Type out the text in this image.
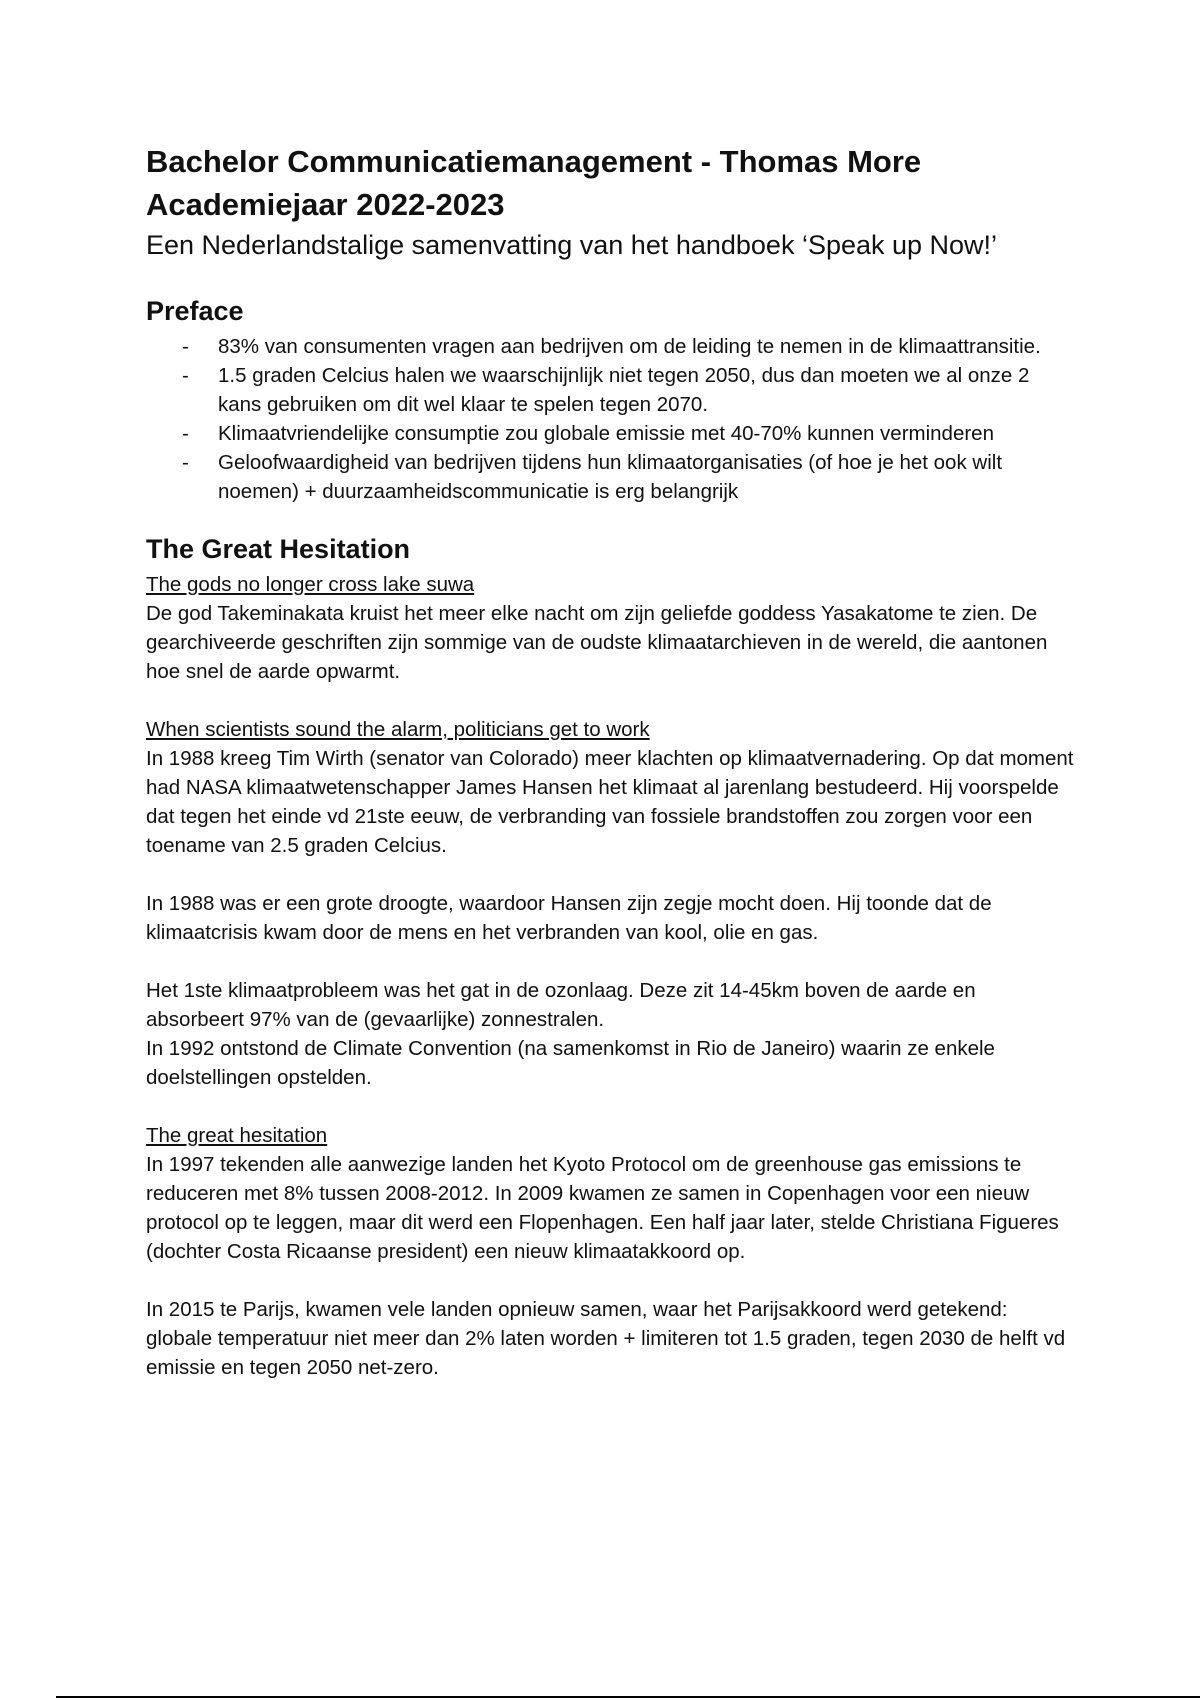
Bachelor Communicatiemanagement - Thomas More
Academiejaar 2022-2023

Een Nederlandstalige samenvatting van het handboek ‘Speak up Now!’

Preface
- 83% van consumenten vragen aan bedrijven om de leiding te nemen in de klimaattransitie.
- 1.5 graden Celcius halen we waarschijnlijk niet tegen 2050, dus dan moeten we al onze 2 kans gebruiken om dit wel klaar te spelen tegen 2070.
- Klimaatvriendelijke consumptie zou globale emissie met 40-70% kunnen verminderen
- Geloofwaardigheid van bedrijven tijdens hun klimaatorganisaties (of hoe je het ook wilt noemen) + duurzaamheidscommunicatie is erg belangrijk
The Great Hesitation

The gods no longer cross lake suwa

De god Takeminakata kruist het meer elke nacht om zijn geliefde goddess Yasakatome te zien. De gearchiveerde geschriften zijn sommige van de oudste klimaatarchieven in de wereld, die aantonen hoe snel de aarde opwarmt.

When scientists sound the alarm, politicians get to work

In 1988 kreeg Tim Wirth (senator van Colorado) meer klachten op klimaatvernadering. Op dat moment had NASA klimaatwetenschapper James Hansen het klimaat al jarenlang bestudeerd. Hij voorspelde dat tegen het einde vd 21ste eeuw, de verbranding van fossiele brandstoffen zou zorgen voor een toename van 2.5 graden Celcius.

In 1988 was er een grote droogte, waardoor Hansen zijn zegje mocht doen. Hij toonde dat de klimaatcrisis kwam door de mens en het verbranden van kool, olie en gas.

Het 1ste klimaatprobleem was het gat in de ozonlaag. Deze zit 14-45km boven de aarde en absorbeert 97% van de (gevaarlijke) zonnestralen.

In 1992 ontstond de Climate Convention (na samenkomst in Rio de Janeiro) waarin ze enkele doelstellingen opstelden.

The great hesitation

In 1997 tekenden alle aanwezige landen het Kyoto Protocol om de greenhouse gas emissions te reduceren met 8% tussen 2008-2012. In 2009 kwamen ze samen in Copenhagen voor een nieuw protocol op te leggen, maar dit werd een Flopenhagen. Een half jaar later, stelde Christiana Figueres (dochter Costa Ricaanse president) een nieuw klimaatakkoord op.

In 2015 te Parijs, kwamen vele landen opnieuw samen, waar het Parijsakkoord werd getekend: globale temperatuur niet meer dan 2% laten worden + limiteren tot 1.5 graden, tegen 2030 de helft vd emissie en tegen 2050 net-zero.
